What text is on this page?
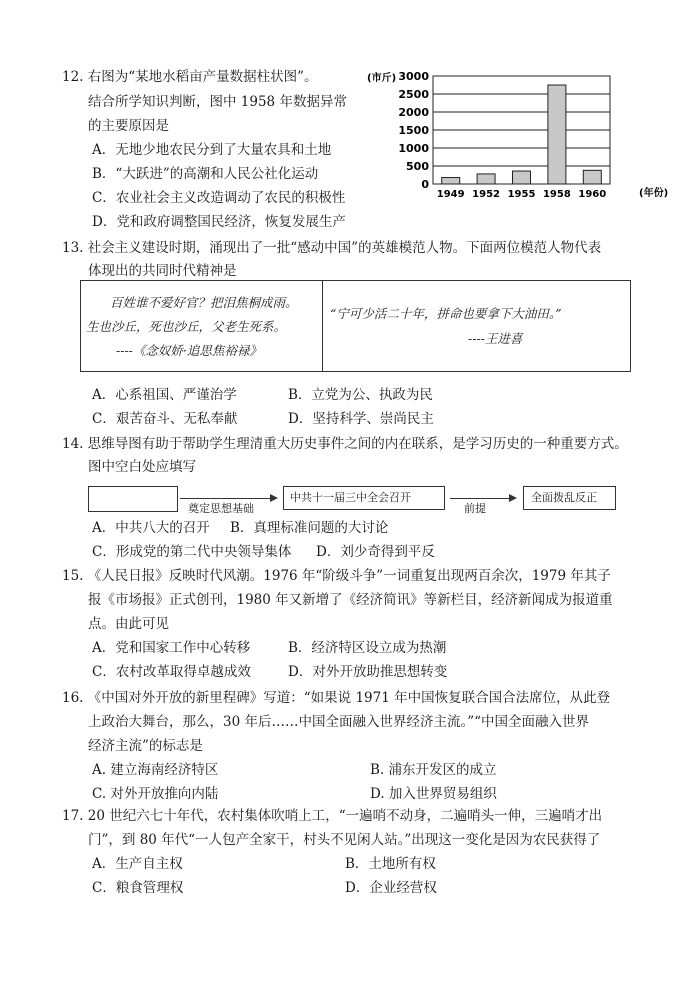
12. 右图为“某地水稻亩产量数据柱状图”。
结合所学知识判断，图中 1958 年数据异常
的主要原因是
A．无地少地农民分到了大量农具和土地
B．“大跃进”的高潮和人民公社化运动
C．农业社会主义改造调动了农民的积极性
D．党和政府调整国民经济，恢复发展生产
(市斤)
(年份)
0
500
1000
1500
2000
2500
3000
1949 1952 1955 1958 1960
13. 社会主义建设时期，涌现出了一批“感动中国”的英雄模范人物。下面两位模范人物代表
体现出的共同时代精神是
百姓谁不爱好官？把泪焦桐成雨。
生也沙丘，死也沙丘，父老生死系。
----《念奴娇·追思焦裕禄》
“宁可少活二十年，拼命也要拿下大油田。”
----王进喜
A．心系祖国、严谨治学	B．立党为公、执政为民
C．艰苦奋斗、无私奉献	D．坚持科学、崇尚民主
14. 思维导图有助于帮助学生理清重大历史事件之间的内在联系，是学习历史的一种重要方式。
图中空白处应填写
奠定思想基础
中共十一届三中全会召开
前提
全面拨乱反正
A．中共八大的召开 B．真理标准问题的大讨论
C．形成党的第二代中央领导集体 D．刘少奇得到平反
15. 《人民日报》反映时代风潮。1976 年“阶级斗争”一词重复出现两百余次，1979 年其子
报《市场报》正式创刊，1980 年又新增了《经济简讯》等新栏目，经济新闻成为报道重
点。由此可见
A．党和国家工作中心转移	B．经济特区设立成为热潮
C．农村改革取得卓越成效	D．对外开放助推思想转变
16. 《中国对外开放的新里程碑》写道：“如果说 1971 年中国恢复联合国合法席位，从此登
上政治大舞台，那么，30 年后……中国全面融入世界经济主流。”“中国全面融入世界
经济主流”的标志是
A. 建立海南经济特区	B. 浦东开发区的成立
C. 对外开放推向内陆	D. 加入世界贸易组织
17. 20 世纪六七十年代，农村集体吹哨上工，“一遍哨不动身，二遍哨头一伸，三遍哨才出
门”，到 80 年代“一人包产全家干，村头不见闲人站。”出现这一变化是因为农民获得了
A．生产自主权	B．土地所有权
C．粮食管理权	D．企业经营权
